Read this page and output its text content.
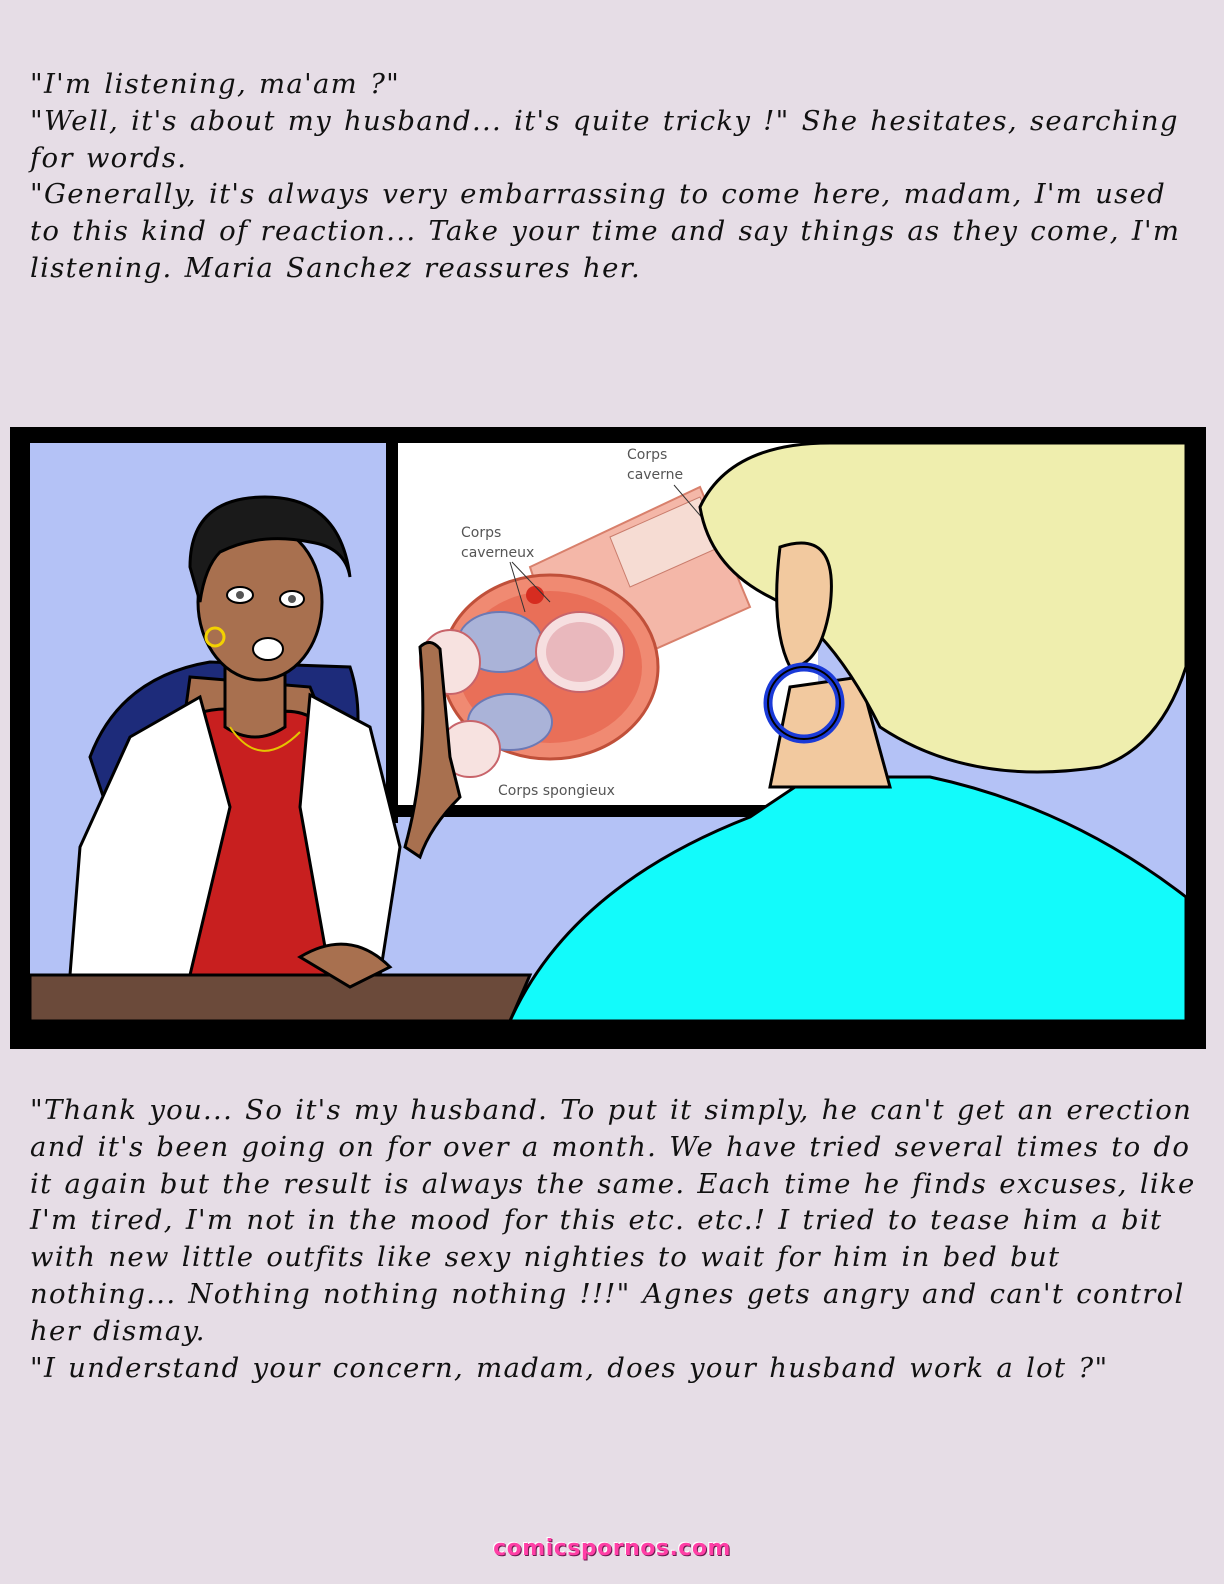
"I'm listening, ma'am ?"

"Well, it's about my husband... it's quite tricky !" She hesitates, searching for words.

"Generally, it's always very embarrassing to come here, madam, I'm used to this kind of reaction... Take your time and say things as they come, I'm listening. Maria Sanchez reassures her.

Corps
caverne
Corps
caverneux
Corps spongieux

"Thank you... So it's my husband. To put it simply, he can't get an erection and it's been going on for over a month. We have tried several times to do it again but the result is always the same. Each time he finds excuses, like I'm tired, I'm not in the mood for this etc. etc.! I tried to tease him a bit with new little outfits like sexy nighties to wait for him in bed but nothing... Nothing nothing nothing !!!" Agnes gets angry and can't control her dismay.

"I understand your concern, madam, does your husband work a lot ?"

comicspornos.com
